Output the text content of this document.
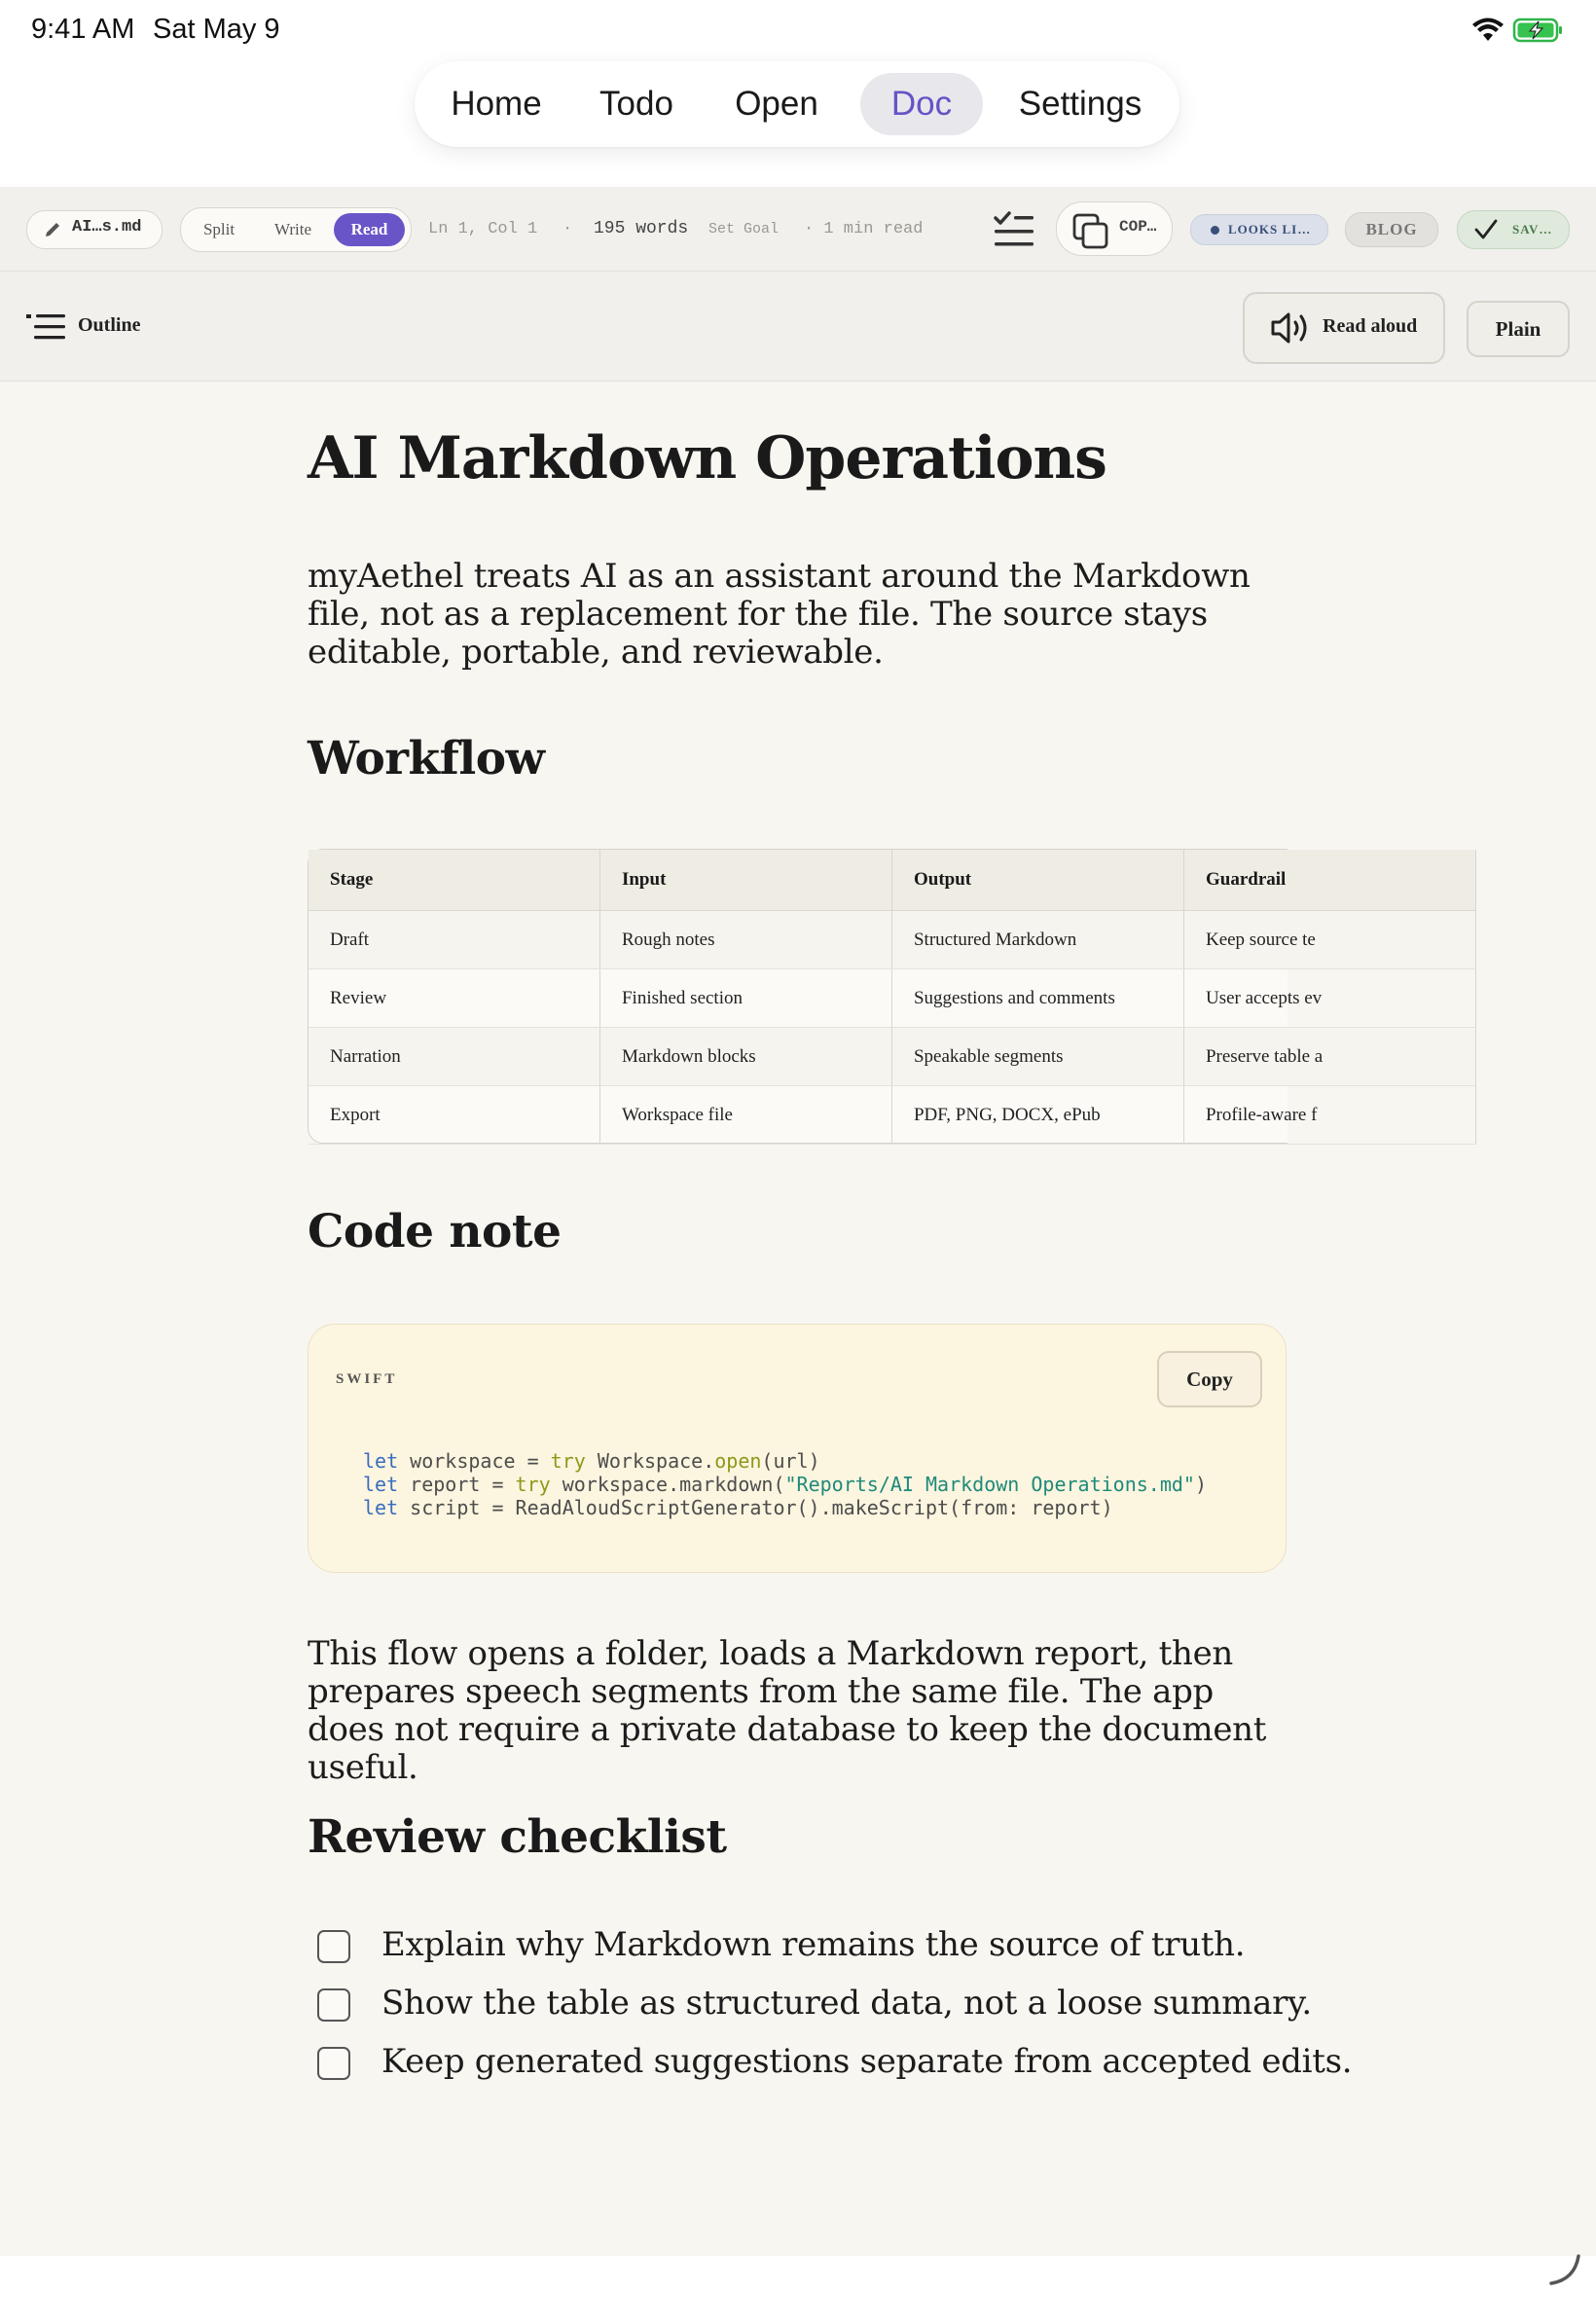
9:41 AM Sat May 9
Home	Todo	Open	Doc	Settings
AI…s.md	Split	Write	Read	Ln 1, Col 1 · 195 words Set Goal · 1 min read	COP…	LOOKS LI…	BLOG	SAV…
Outline	Read aloud	Plain
AI Markdown Operations

myAethel treats AI as an assistant around the Markdown file, not as a replacement for the file. The source stays editable, portable, and reviewable.

Workflow
Stage	Input	Output	Guardrail
Draft	Rough notes	Structured Markdown	Keep source te
Review	Finished section	Suggestions and comments	User accepts ev
Narration	Markdown blocks	Speakable segments	Preserve table a
Export	Workspace file	PDF, PNG, DOCX, ePub	Profile-aware f
Code note
SWIFT	Copy
let workspace = try Workspace.open(url)
let report = try workspace.markdown("Reports/AI Markdown Operations.md")
let script = ReadAloudScriptGenerator().makeScript(from: report)

This flow opens a folder, loads a Markdown report, then prepares speech segments from the same file. The app does not require a private database to keep the document useful.

Review checklist
Explain why Markdown remains the source of truth.
Show the table as structured data, not a loose summary.
Keep generated suggestions separate from accepted edits.
